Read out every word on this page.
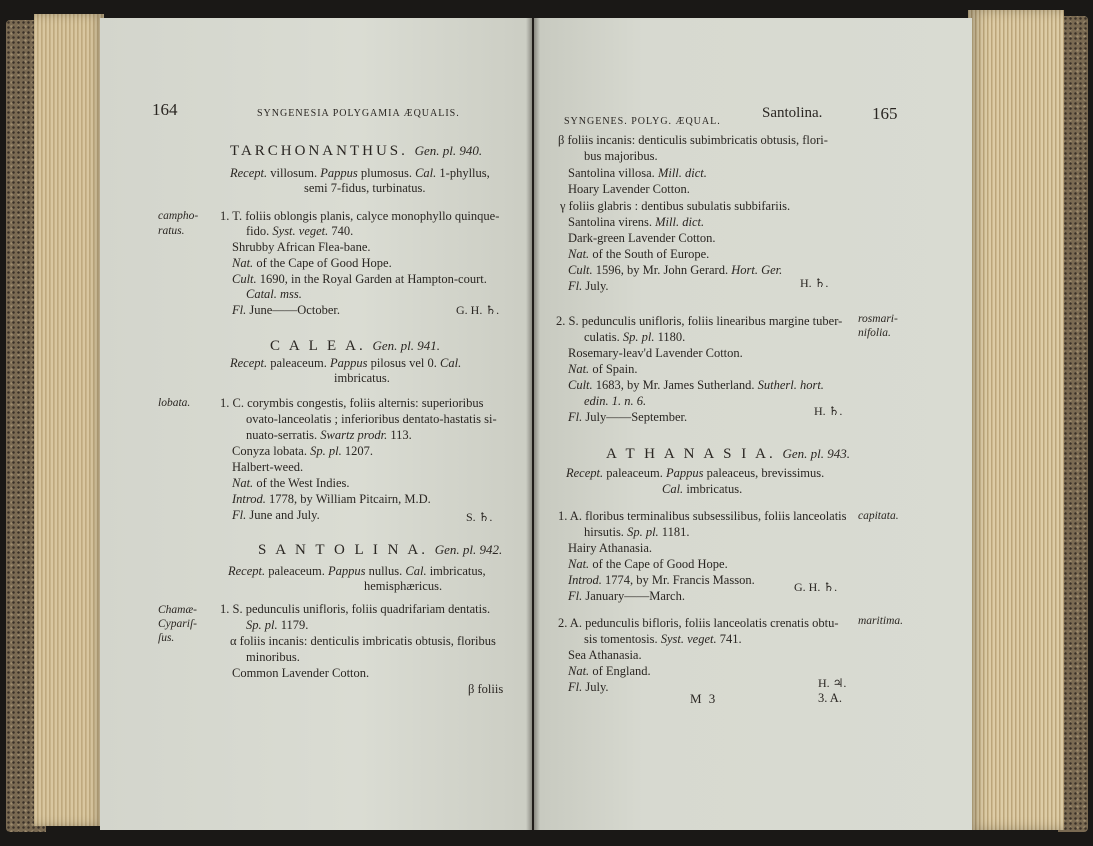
164	SYNGENESIA POLYGAMIA ÆQUALIS.
TARCHONANTHUS. Gen. pl. 940.
Recept. villosum. Pappus plumosus. Cal. 1-phyllus,
semi 7-fidus, turbinatus.
campho-
ratus.
1. T. foliis oblongis planis, calyce monophyllo quinque-
fido. Syst. veget. 740.
Shrubby African Flea-bane.
Nat. of the Cape of Good Hope.
Cult. 1690, in the Royal Garden at Hampton-court.
Catal. mss.
Fl. June——October.	G. H. ♄.
C A L E A. Gen. pl. 941.
Recept. paleaceum. Pappus pilosus vel 0. Cal.
imbricatus.
lobata. 1. C. corymbis congestis, foliis alternis: superioribus
ovato-lanceolatis ; inferioribus dentato-hastatis si-
nuato-serratis. Swartz prodr. 113.
Conyza lobata. Sp. pl. 1207.
Halbert-weed.
Nat. of the West Indies.
Introd. 1778, by William Pitcairn, M.D.
Fl. June and July.	S. ♄.
S A N T O L I N A. Gen. pl. 942.
Recept. paleaceum. Pappus nullus. Cal. imbricatus,
hemisphæricus.
Chamæ-
Cypariſ-
ſus.
1. S. pedunculis unifloris, foliis quadrifariam dentatis.
Sp. pl. 1179.
α foliis incanis: denticulis imbricatis obtusis, floribus
minoribus.
Common Lavender Cotton.
β foliis
SYNGENES. POLYG. ÆQUAL.
Santolina.	165
β foliis incanis: denticulis subimbricatis obtusis, flori-
bus majoribus.
Santolina villosa. Mill. dict.
Hoary Lavender Cotton.
γ foliis glabris : dentibus subulatis subbifariis.
Santolina virens. Mill. dict.
Dark-green Lavender Cotton.
Nat. of the South of Europe.
Cult. 1596, by Mr. John Gerard. Hort. Ger.
Fl. July.	H. ♄.
rosmari-
nifolia.
2. S. pedunculis unifloris, foliis linearibus margine tuber-
culatis. Sp. pl. 1180.
Rosemary-leav'd Lavender Cotton.
Nat. of Spain.
Cult. 1683, by Mr. James Sutherland. Sutherl. hort.
edin. 1. n. 6.
Fl. July——September.	H. ♄.
A T H A N A S I A. Gen. pl. 943.
Recept. paleaceum. Pappus paleaceus, brevissimus.
Cal. imbricatus.
capitata.
1. A. floribus terminalibus subsessilibus, foliis lanceolatis
hirsutis. Sp. pl. 1181.
Hairy Athanasia.
Nat. of the Cape of Good Hope.
Introd. 1774, by Mr. Francis Masson.
Fl. January——March.
G. H. ♄.
maritima.
2. A. pedunculis bifloris, foliis lanceolatis crenatis obtu-
sis tomentosis. Syst. veget. 741.
Sea Athanasia.
Nat. of England.
Fl. July.	H. ♃.
M 3	3. A.
